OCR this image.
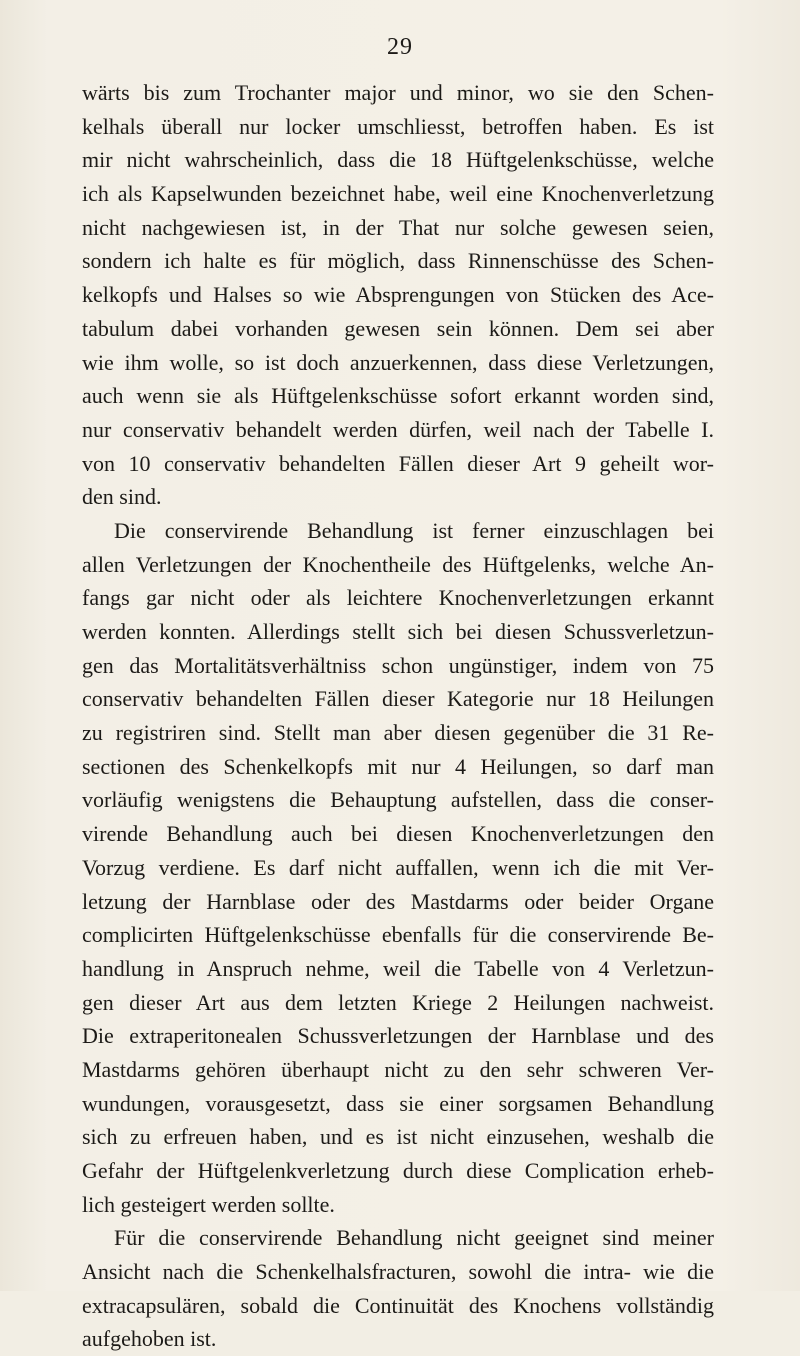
29
wärts bis zum Trochanter major und minor, wo sie den Schen-
kelhals überall nur locker umschliesst, betroffen haben. Es ist
mir nicht wahrscheinlich, dass die 18 Hüftgelenkschüsse, welche
ich als Kapselwunden bezeichnet habe, weil eine Knochenverletzung
nicht nachgewiesen ist, in der That nur solche gewesen seien,
sondern ich halte es für möglich, dass Rinnenschüsse des Schen-
kelkopfs und Halses so wie Absprengungen von Stücken des Ace-
tabulum dabei vorhanden gewesen sein können. Dem sei aber
wie ihm wolle, so ist doch anzuerkennen, dass diese Verletzungen,
auch wenn sie als Hüftgelenkschüsse sofort erkannt worden sind,
nur conservativ behandelt werden dürfen, weil nach der Tabelle I.
von 10 conservativ behandelten Fällen dieser Art 9 geheilt wor-
den sind.
Die conservirende Behandlung ist ferner einzuschlagen bei
allen Verletzungen der Knochentheile des Hüftgelenks, welche An-
fangs gar nicht oder als leichtere Knochenverletzungen erkannt
werden konnten. Allerdings stellt sich bei diesen Schussverletzun-
gen das Mortalitätsverhältniss schon ungünstiger, indem von 75
conservativ behandelten Fällen dieser Kategorie nur 18 Heilungen
zu registriren sind. Stellt man aber diesen gegenüber die 31 Re-
sectionen des Schenkelkopfs mit nur 4 Heilungen, so darf man
vorläufig wenigstens die Behauptung aufstellen, dass die conser-
virende Behandlung auch bei diesen Knochenverletzungen den
Vorzug verdiene. Es darf nicht auffallen, wenn ich die mit Ver-
letzung der Harnblase oder des Mastdarms oder beider Organe
complicirten Hüftgelenkschüsse ebenfalls für die conservirende Be-
handlung in Anspruch nehme, weil die Tabelle von 4 Verletzun-
gen dieser Art aus dem letzten Kriege 2 Heilungen nachweist.
Die extraperitonealen Schussverletzungen der Harnblase und des
Mastdarms gehören überhaupt nicht zu den sehr schweren Ver-
wundungen, vorausgesetzt, dass sie einer sorgsamen Behandlung
sich zu erfreuen haben, und es ist nicht einzusehen, weshalb die
Gefahr der Hüftgelenkverletzung durch diese Complication erheb-
lich gesteigert werden sollte.
Für die conservirende Behandlung nicht geeignet sind meiner
Ansicht nach die Schenkelhalsfracturen, sowohl die intra- wie die
extracapsulären, sobald die Continuität des Knochens vollständig
aufgehoben ist.
